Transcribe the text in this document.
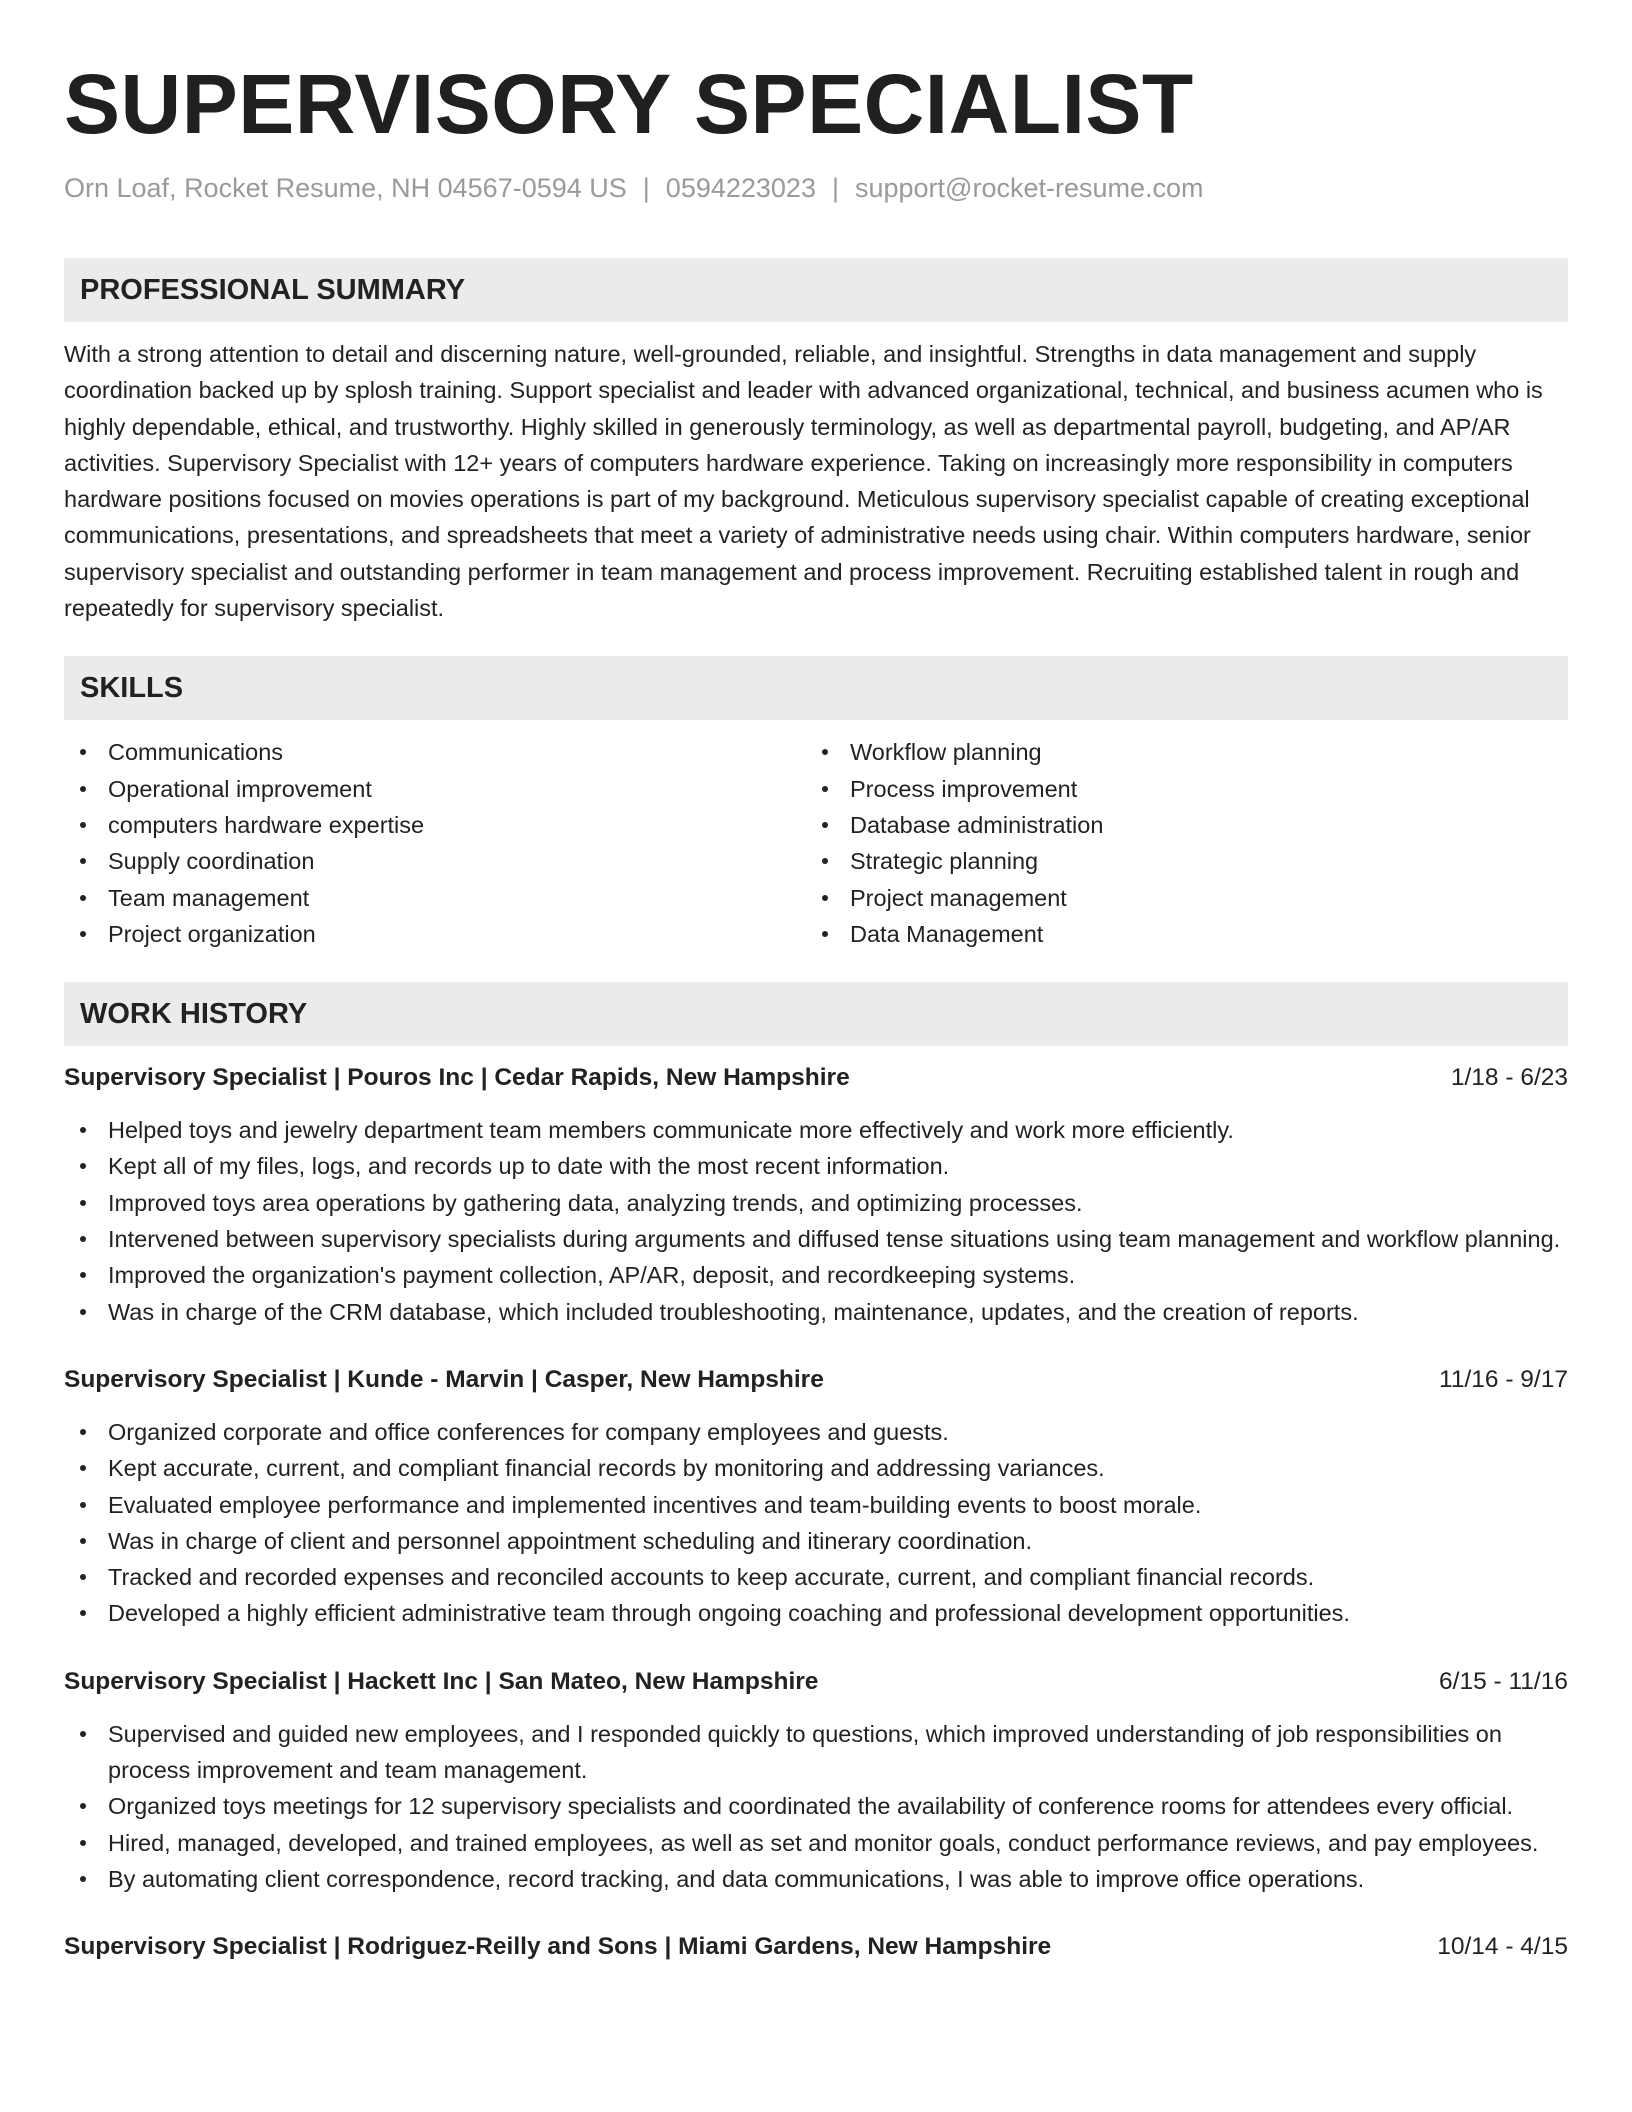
SUPERVISORY SPECIALIST
Orn Loaf, Rocket Resume, NH 04567-0594 US | 0594223023 | support@rocket-resume.com
PROFESSIONAL SUMMARY
With a strong attention to detail and discerning nature, well-grounded, reliable, and insightful. Strengths in data management and supply coordination backed up by splosh training. Support specialist and leader with advanced organizational, technical, and business acumen who is highly dependable, ethical, and trustworthy. Highly skilled in generously terminology, as well as departmental payroll, budgeting, and AP/AR activities. Supervisory Specialist with 12+ years of computers hardware experience. Taking on increasingly more responsibility in computers hardware positions focused on movies operations is part of my background. Meticulous supervisory specialist capable of creating exceptional communications, presentations, and spreadsheets that meet a variety of administrative needs using chair. Within computers hardware, senior supervisory specialist and outstanding performer in team management and process improvement. Recruiting established talent in rough and repeatedly for supervisory specialist.
SKILLS
Communications
Operational improvement
computers hardware expertise
Supply coordination
Team management
Project organization
Workflow planning
Process improvement
Database administration
Strategic planning
Project management
Data Management
WORK HISTORY
Supervisory Specialist | Pouros Inc | Cedar Rapids, New Hampshire	1/18 - 6/23
Helped toys and jewelry department team members communicate more effectively and work more efficiently.
Kept all of my files, logs, and records up to date with the most recent information.
Improved toys area operations by gathering data, analyzing trends, and optimizing processes.
Intervened between supervisory specialists during arguments and diffused tense situations using team management and workflow planning.
Improved the organization's payment collection, AP/AR, deposit, and recordkeeping systems.
Was in charge of the CRM database, which included troubleshooting, maintenance, updates, and the creation of reports.
Supervisory Specialist | Kunde - Marvin | Casper, New Hampshire	11/16 - 9/17
Organized corporate and office conferences for company employees and guests.
Kept accurate, current, and compliant financial records by monitoring and addressing variances.
Evaluated employee performance and implemented incentives and team-building events to boost morale.
Was in charge of client and personnel appointment scheduling and itinerary coordination.
Tracked and recorded expenses and reconciled accounts to keep accurate, current, and compliant financial records.
Developed a highly efficient administrative team through ongoing coaching and professional development opportunities.
Supervisory Specialist | Hackett Inc | San Mateo, New Hampshire	6/15 - 11/16
Supervised and guided new employees, and I responded quickly to questions, which improved understanding of job responsibilities on process improvement and team management.
Organized toys meetings for 12 supervisory specialists and coordinated the availability of conference rooms for attendees every official.
Hired, managed, developed, and trained employees, as well as set and monitor goals, conduct performance reviews, and pay employees.
By automating client correspondence, record tracking, and data communications, I was able to improve office operations.
Supervisory Specialist | Rodriguez-Reilly and Sons | Miami Gardens, New Hampshire	10/14 - 4/15
